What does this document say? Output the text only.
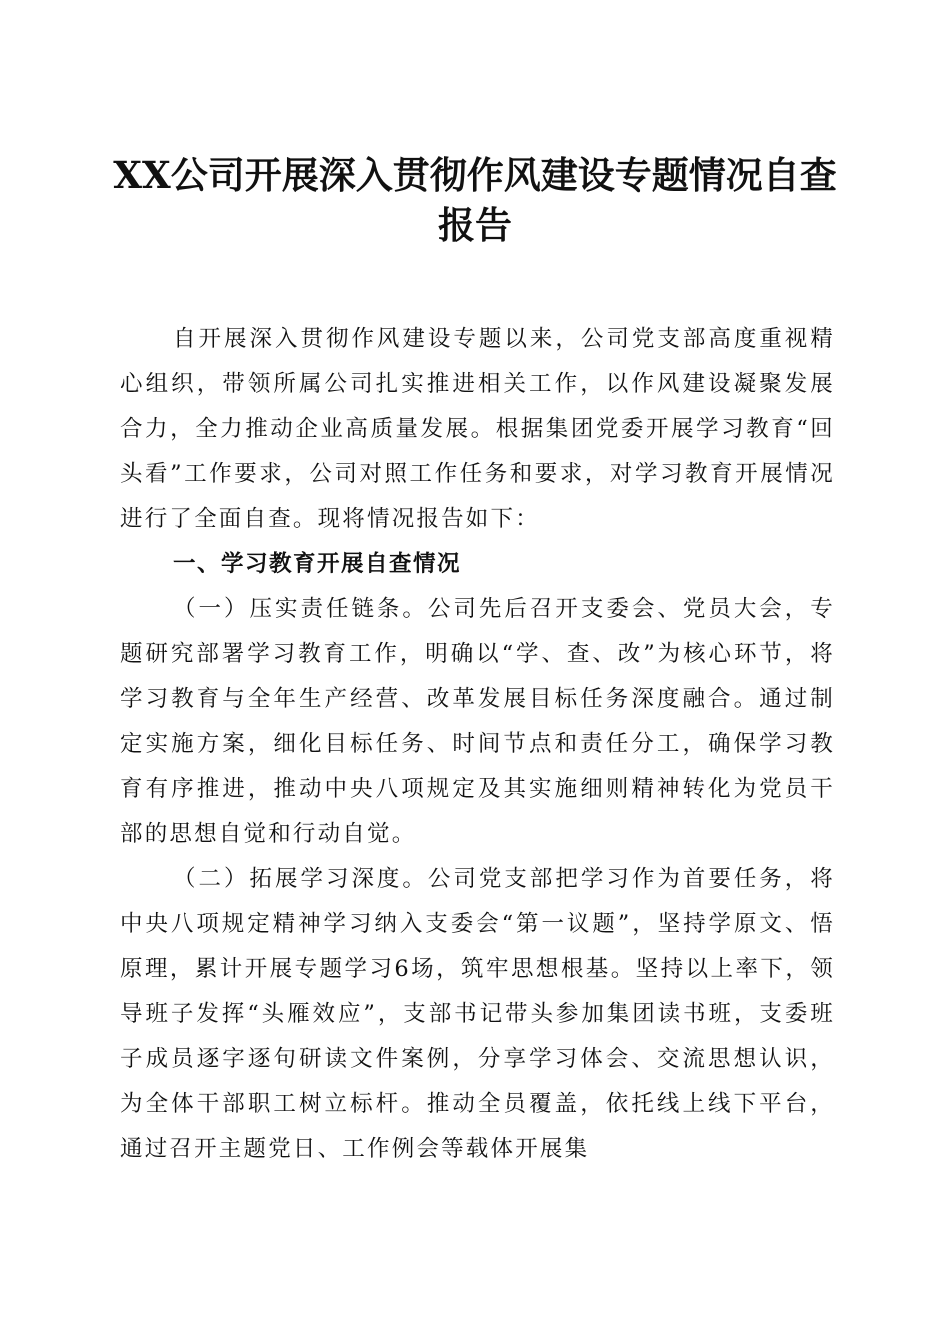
XX公司开展深入贯彻作风建设专题情况自查报告
自开展深入贯彻作风建设专题以来，公司党支部高度重视精心组织，带领所属公司扎实推进相关工作，以作风建设凝聚发展合力，全力推动企业高质量发展。根据集团党委开展学习教育“回头看”工作要求，公司对照工作任务和要求，对学习教育开展情况进行了全面自查。现将情况报告如下：
一、学习教育开展自查情况
（一）压实责任链条。公司先后召开支委会、党员大会，专题研究部署学习教育工作，明确以“学、查、改”为核心环节，将学习教育与全年生产经营、改革发展目标任务深度融合。通过制定实施方案，细化目标任务、时间节点和责任分工，确保学习教育有序推进，推动中央八项规定及其实施细则精神转化为党员干部的思想自觉和行动自觉。
（二）拓展学习深度。公司党支部把学习作为首要任务，将中央八项规定精神学习纳入支委会“第一议题”，坚持学原文、悟原理，累计开展专题学习6场，筑牢思想根基。坚持以上率下，领导班子发挥“头雁效应”，支部书记带头参加集团读书班，支委班子成员逐字逐句研读文件案例，分享学习体会、交流思想认识，为全体干部职工树立标杆。推动全员覆盖，依托线上线下平台，通过召开主题党日、工作例会等载体开展集
